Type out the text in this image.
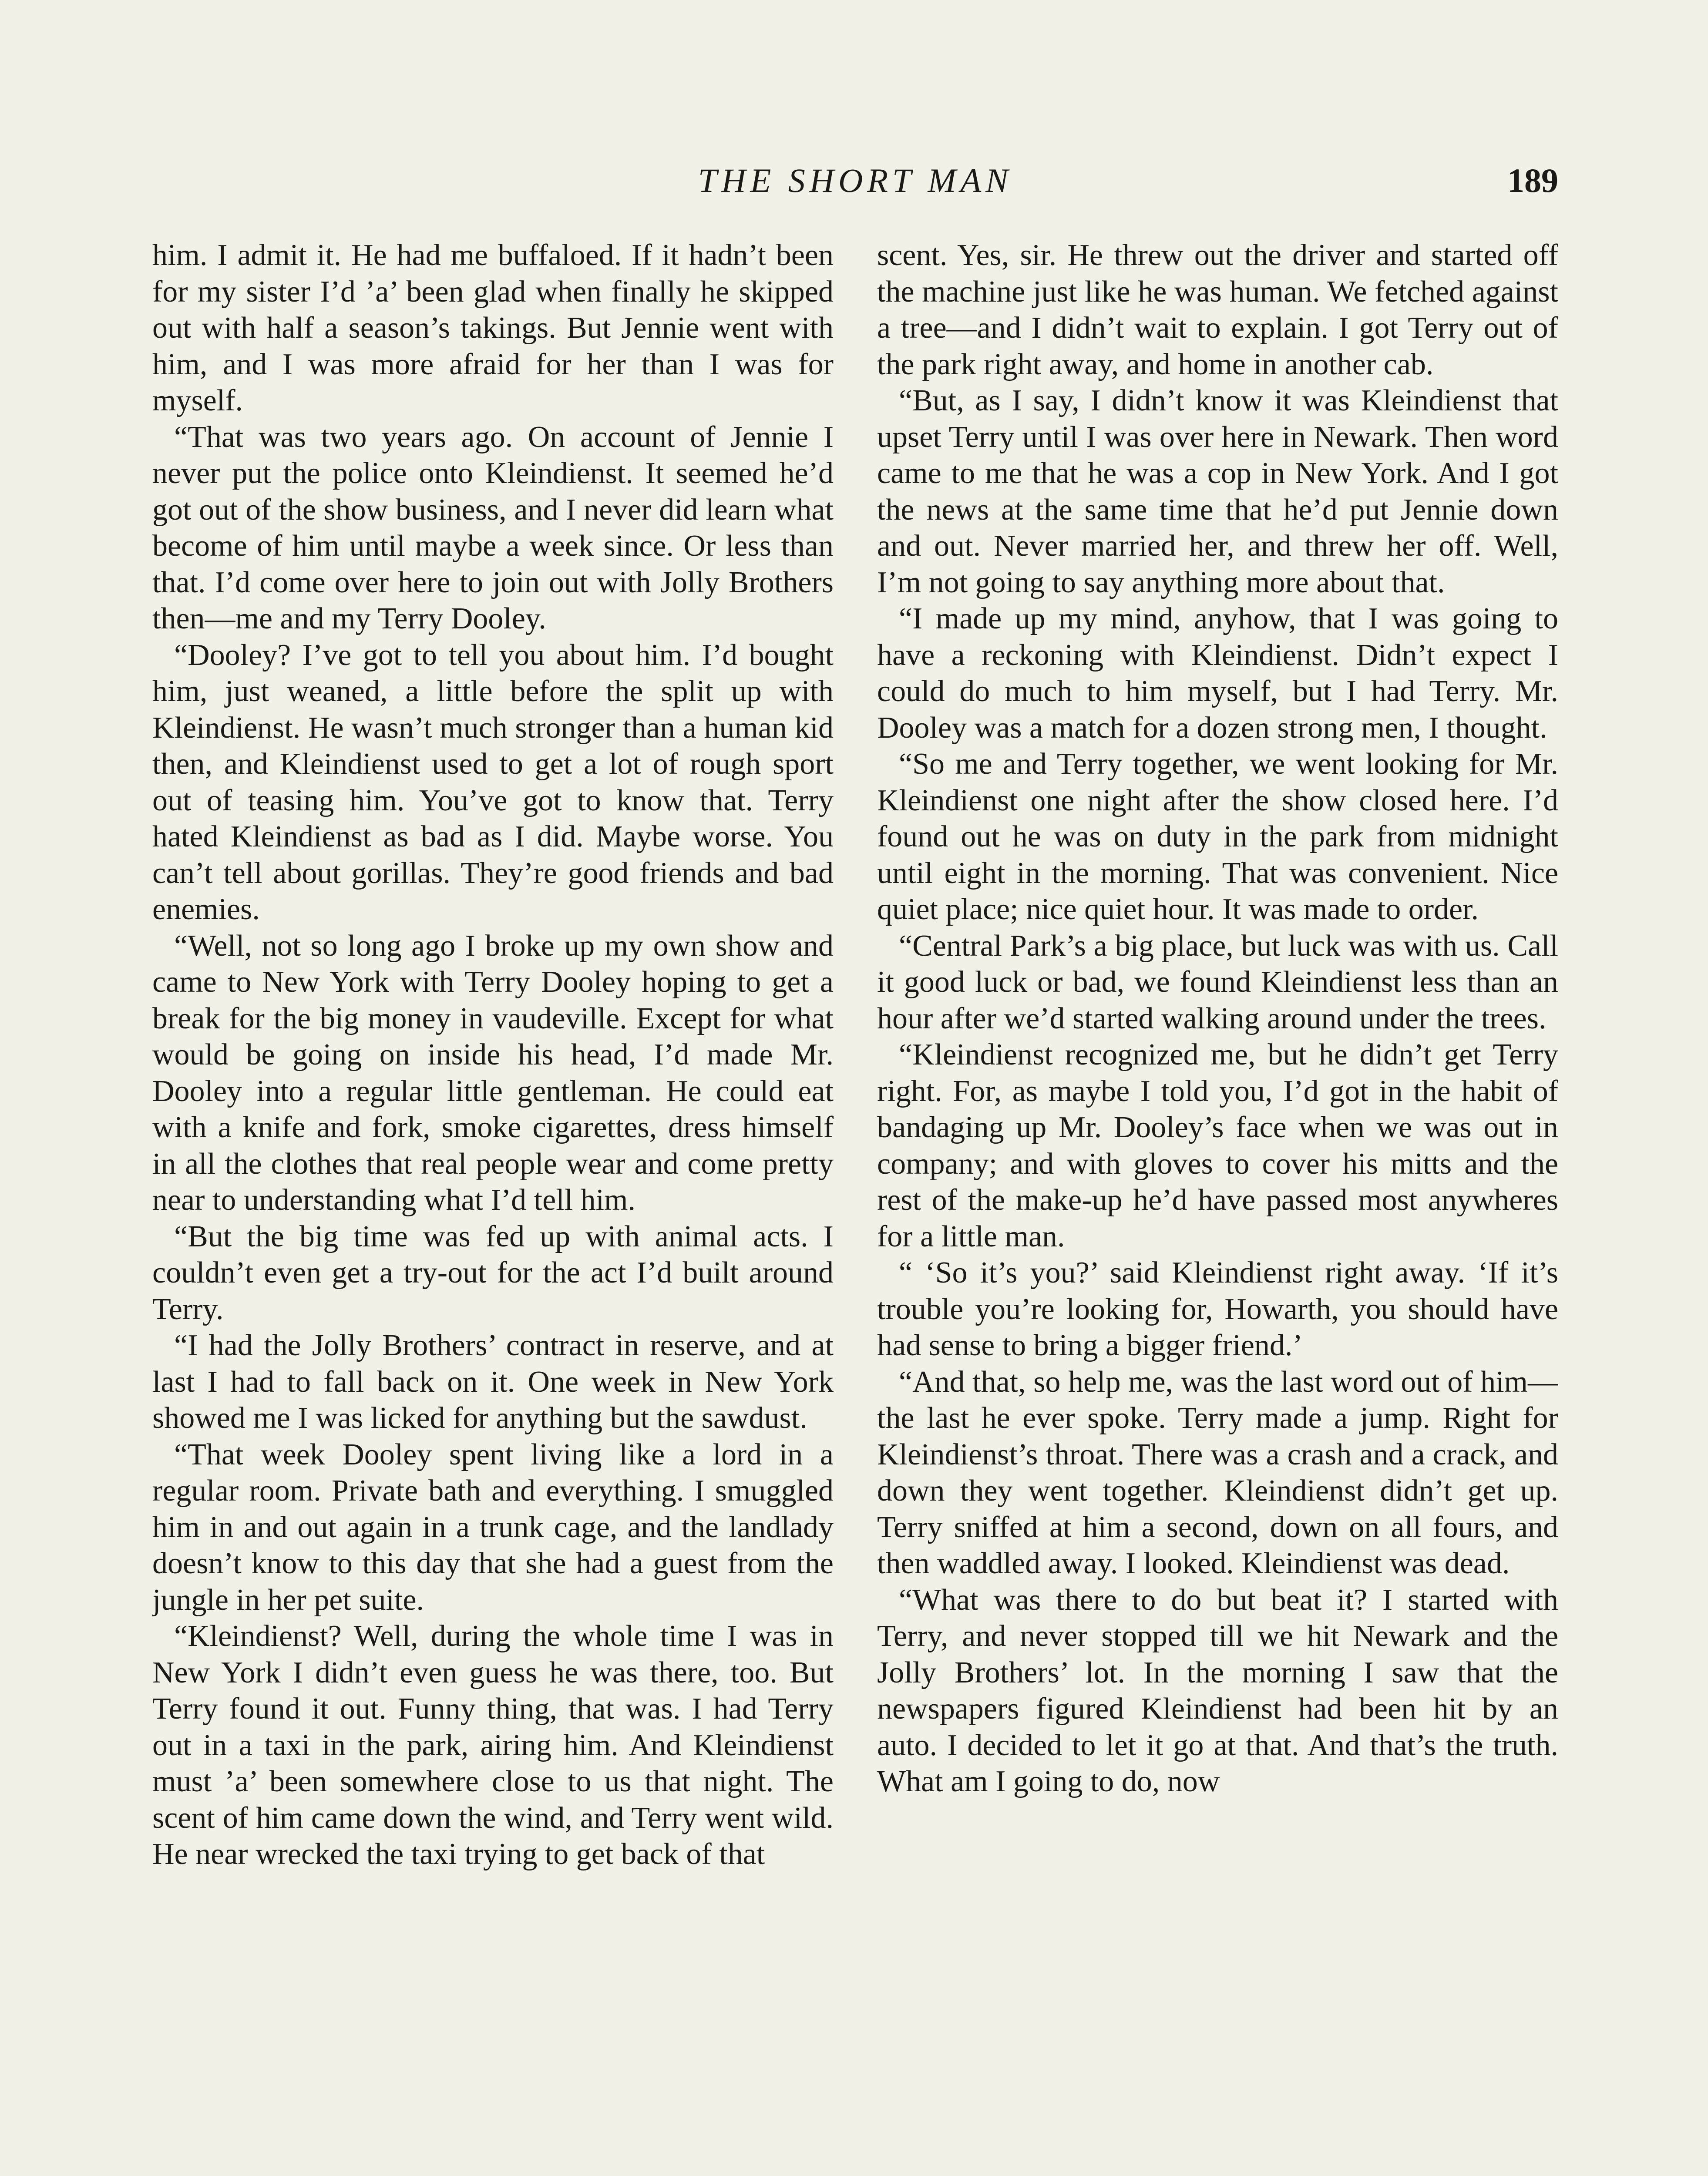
THE SHORT MAN	189

him. I admit it. He had me buffaloed. If it hadn’t been for my sister I’d ’a’ been glad when finally he skipped out with half a season’s takings. But Jennie went with him, and I was more afraid for her than I was for myself.

“That was two years ago. On account of Jennie I never put the police onto Kleindienst. It seemed he’d got out of the show business, and I never did learn what become of him until maybe a week since. Or less than that. I’d come over here to join out with Jolly Brothers then—me and my Terry Dooley.

“Dooley? I’ve got to tell you about him. I’d bought him, just weaned, a little before the split up with Kleindienst. He wasn’t much stronger than a human kid then, and Kleindienst used to get a lot of rough sport out of teasing him. You’ve got to know that. Terry hated Kleindienst as bad as I did. Maybe worse. You can’t tell about gorillas. They’re good friends and bad enemies.

“Well, not so long ago I broke up my own show and came to New York with Terry Dooley hoping to get a break for the big money in vaudeville. Except for what would be going on inside his head, I’d made Mr. Dooley into a regular little gentleman. He could eat with a knife and fork, smoke cigarettes, dress himself in all the clothes that real people wear and come pretty near to understanding what I’d tell him.

“But the big time was fed up with animal acts. I couldn’t even get a try-out for the act I’d built around Terry.

“I had the Jolly Brothers’ contract in reserve, and at last I had to fall back on it. One week in New York showed me I was licked for anything but the sawdust.

“That week Dooley spent living like a lord in a regular room. Private bath and everything. I smuggled him in and out again in a trunk cage, and the landlady doesn’t know to this day that she had a guest from the jungle in her pet suite.

“Kleindienst? Well, during the whole time I was in New York I didn’t even guess he was there, too. But Terry found it out. Funny thing, that was. I had Terry out in a taxi in the park, airing him. And Kleindienst must ’a’ been somewhere close to us that night. The scent of him came down the wind, and Terry went wild. He near wrecked the taxi trying to get back of that

scent. Yes, sir. He threw out the driver and started off the machine just like he was human. We fetched against a tree—and I didn’t wait to explain. I got Terry out of the park right away, and home in another cab.

“But, as I say, I didn’t know it was Kleindienst that upset Terry until I was over here in Newark. Then word came to me that he was a cop in New York. And I got the news at the same time that he’d put Jennie down and out. Never married her, and threw her off. Well, I’m not going to say anything more about that.

“I made up my mind, anyhow, that I was going to have a reckoning with Kleindienst. Didn’t expect I could do much to him myself, but I had Terry. Mr. Dooley was a match for a dozen strong men, I thought.

“So me and Terry together, we went looking for Mr. Kleindienst one night after the show closed here. I’d found out he was on duty in the park from midnight until eight in the morning. That was convenient. Nice quiet place; nice quiet hour. It was made to order.

“Central Park’s a big place, but luck was with us. Call it good luck or bad, we found Kleindienst less than an hour after we’d started walking around under the trees.

“Kleindienst recognized me, but he didn’t get Terry right. For, as maybe I told you, I’d got in the habit of bandaging up Mr. Dooley’s face when we was out in company; and with gloves to cover his mitts and the rest of the make-up he’d have passed most anywheres for a little man.

“ ‘So it’s you?’ said Kleindienst right away. ‘If it’s trouble you’re looking for, Howarth, you should have had sense to bring a bigger friend.’

“And that, so help me, was the last word out of him—the last he ever spoke. Terry made a jump. Right for Kleindienst’s throat. There was a crash and a crack, and down they went together. Kleindienst didn’t get up. Terry sniffed at him a second, down on all fours, and then waddled away. I looked. Kleindienst was dead.

“What was there to do but beat it? I started with Terry, and never stopped till we hit Newark and the Jolly Brothers’ lot. In the morning I saw that the newspapers figured Kleindienst had been hit by an auto. I decided to let it go at that. And that’s the truth. What am I going to do, now
